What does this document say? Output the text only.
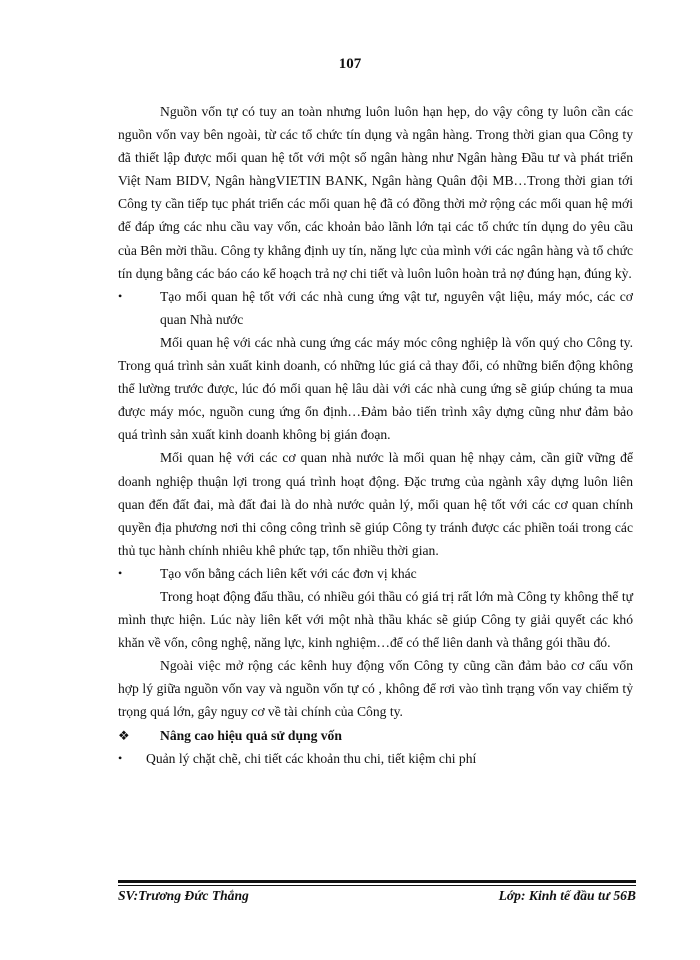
107

Nguồn vốn tự có tuy an toàn nhưng luôn luôn hạn hẹp, do vậy công ty luôn cần các nguồn vốn vay bên ngoài, từ các tổ chức tín dụng và ngân hàng. Trong thời gian qua Công ty đã thiết lập được mối quan hệ tốt với một số ngân hàng như Ngân hàng Đầu tư và phát triển Việt Nam BIDV, Ngân hàngVIETIN BANK, Ngân hàng Quân đội MB…Trong thời gian tới Công ty cần tiếp tục phát triển các mối quan hệ đã có đồng thời mở rộng các mối quan hệ mới để đáp ứng các nhu cầu vay vốn, các khoản bảo lãnh lớn tại các tổ chức tín dụng do yêu cầu của Bên mời thầu. Công ty khẳng định uy tín, năng lực của mình với các ngân hàng và tổ chức tín dụng bằng các báo cáo kế hoạch trả nợ chi tiết và luôn luôn hoàn trả nợ đúng hạn, đúng kỳ.

•	Tạo mối quan hệ tốt với các nhà cung ứng vật tư, nguyên vật liệu, máy móc, các cơ quan Nhà nước

Mối quan hệ với các nhà cung ứng các máy móc công nghiệp là vốn quý cho Công ty. Trong quá trình sản xuất kinh doanh, có những lúc giá cả thay đổi, có những biến động không thể lường trước được, lúc đó mối quan hệ lâu dài với các nhà cung ứng sẽ giúp chúng ta mua được máy móc, nguồn cung ứng ổn định…Đảm bảo tiến trình xây dựng cũng như đảm bảo quá trình sản xuất kinh doanh không bị gián đoạn.

Mối quan hệ với các cơ quan nhà nước là mối quan hệ nhạy cảm, cần giữ vững để doanh nghiệp thuận lợi trong quá trình hoạt động. Đặc trưng của ngành xây dựng luôn liên quan đến đất đai, mà đất đai là do nhà nước quản lý, mối quan hệ tốt với các cơ quan chính quyền địa phương nơi thi công công trình sẽ giúp Công ty tránh được các phiền toái trong các thủ tục hành chính nhiêu khê phức tạp, tốn nhiều thời gian.

•	Tạo vốn bằng cách liên kết với các đơn vị khác

Trong hoạt động đấu thầu, có nhiều gói thầu có giá trị rất lớn mà Công ty không thể tự mình thực hiện. Lúc này liên kết với một nhà thầu khác sẽ giúp Công ty giải quyết các khó khăn về vốn, công nghệ, năng lực, kinh nghiệm…để có thể liên danh và thắng gói thầu đó.

Ngoài việc mở rộng các kênh huy động vốn Công ty cũng cần đảm bảo cơ cấu vốn hợp lý giữa nguồn vốn vay và nguồn vốn tự có , không để rơi vào tình trạng vốn vay chiếm tỷ trọng quá lớn, gây nguy cơ về tài chính của Công ty.

❖ Nâng cao hiệu quả sử dụng vốn

• Quản lý chặt chẽ, chi tiết các khoản thu chi, tiết kiệm chi phí

SV:Trương Đức Thắng	Lớp: Kinh tế đầu tư 56B
